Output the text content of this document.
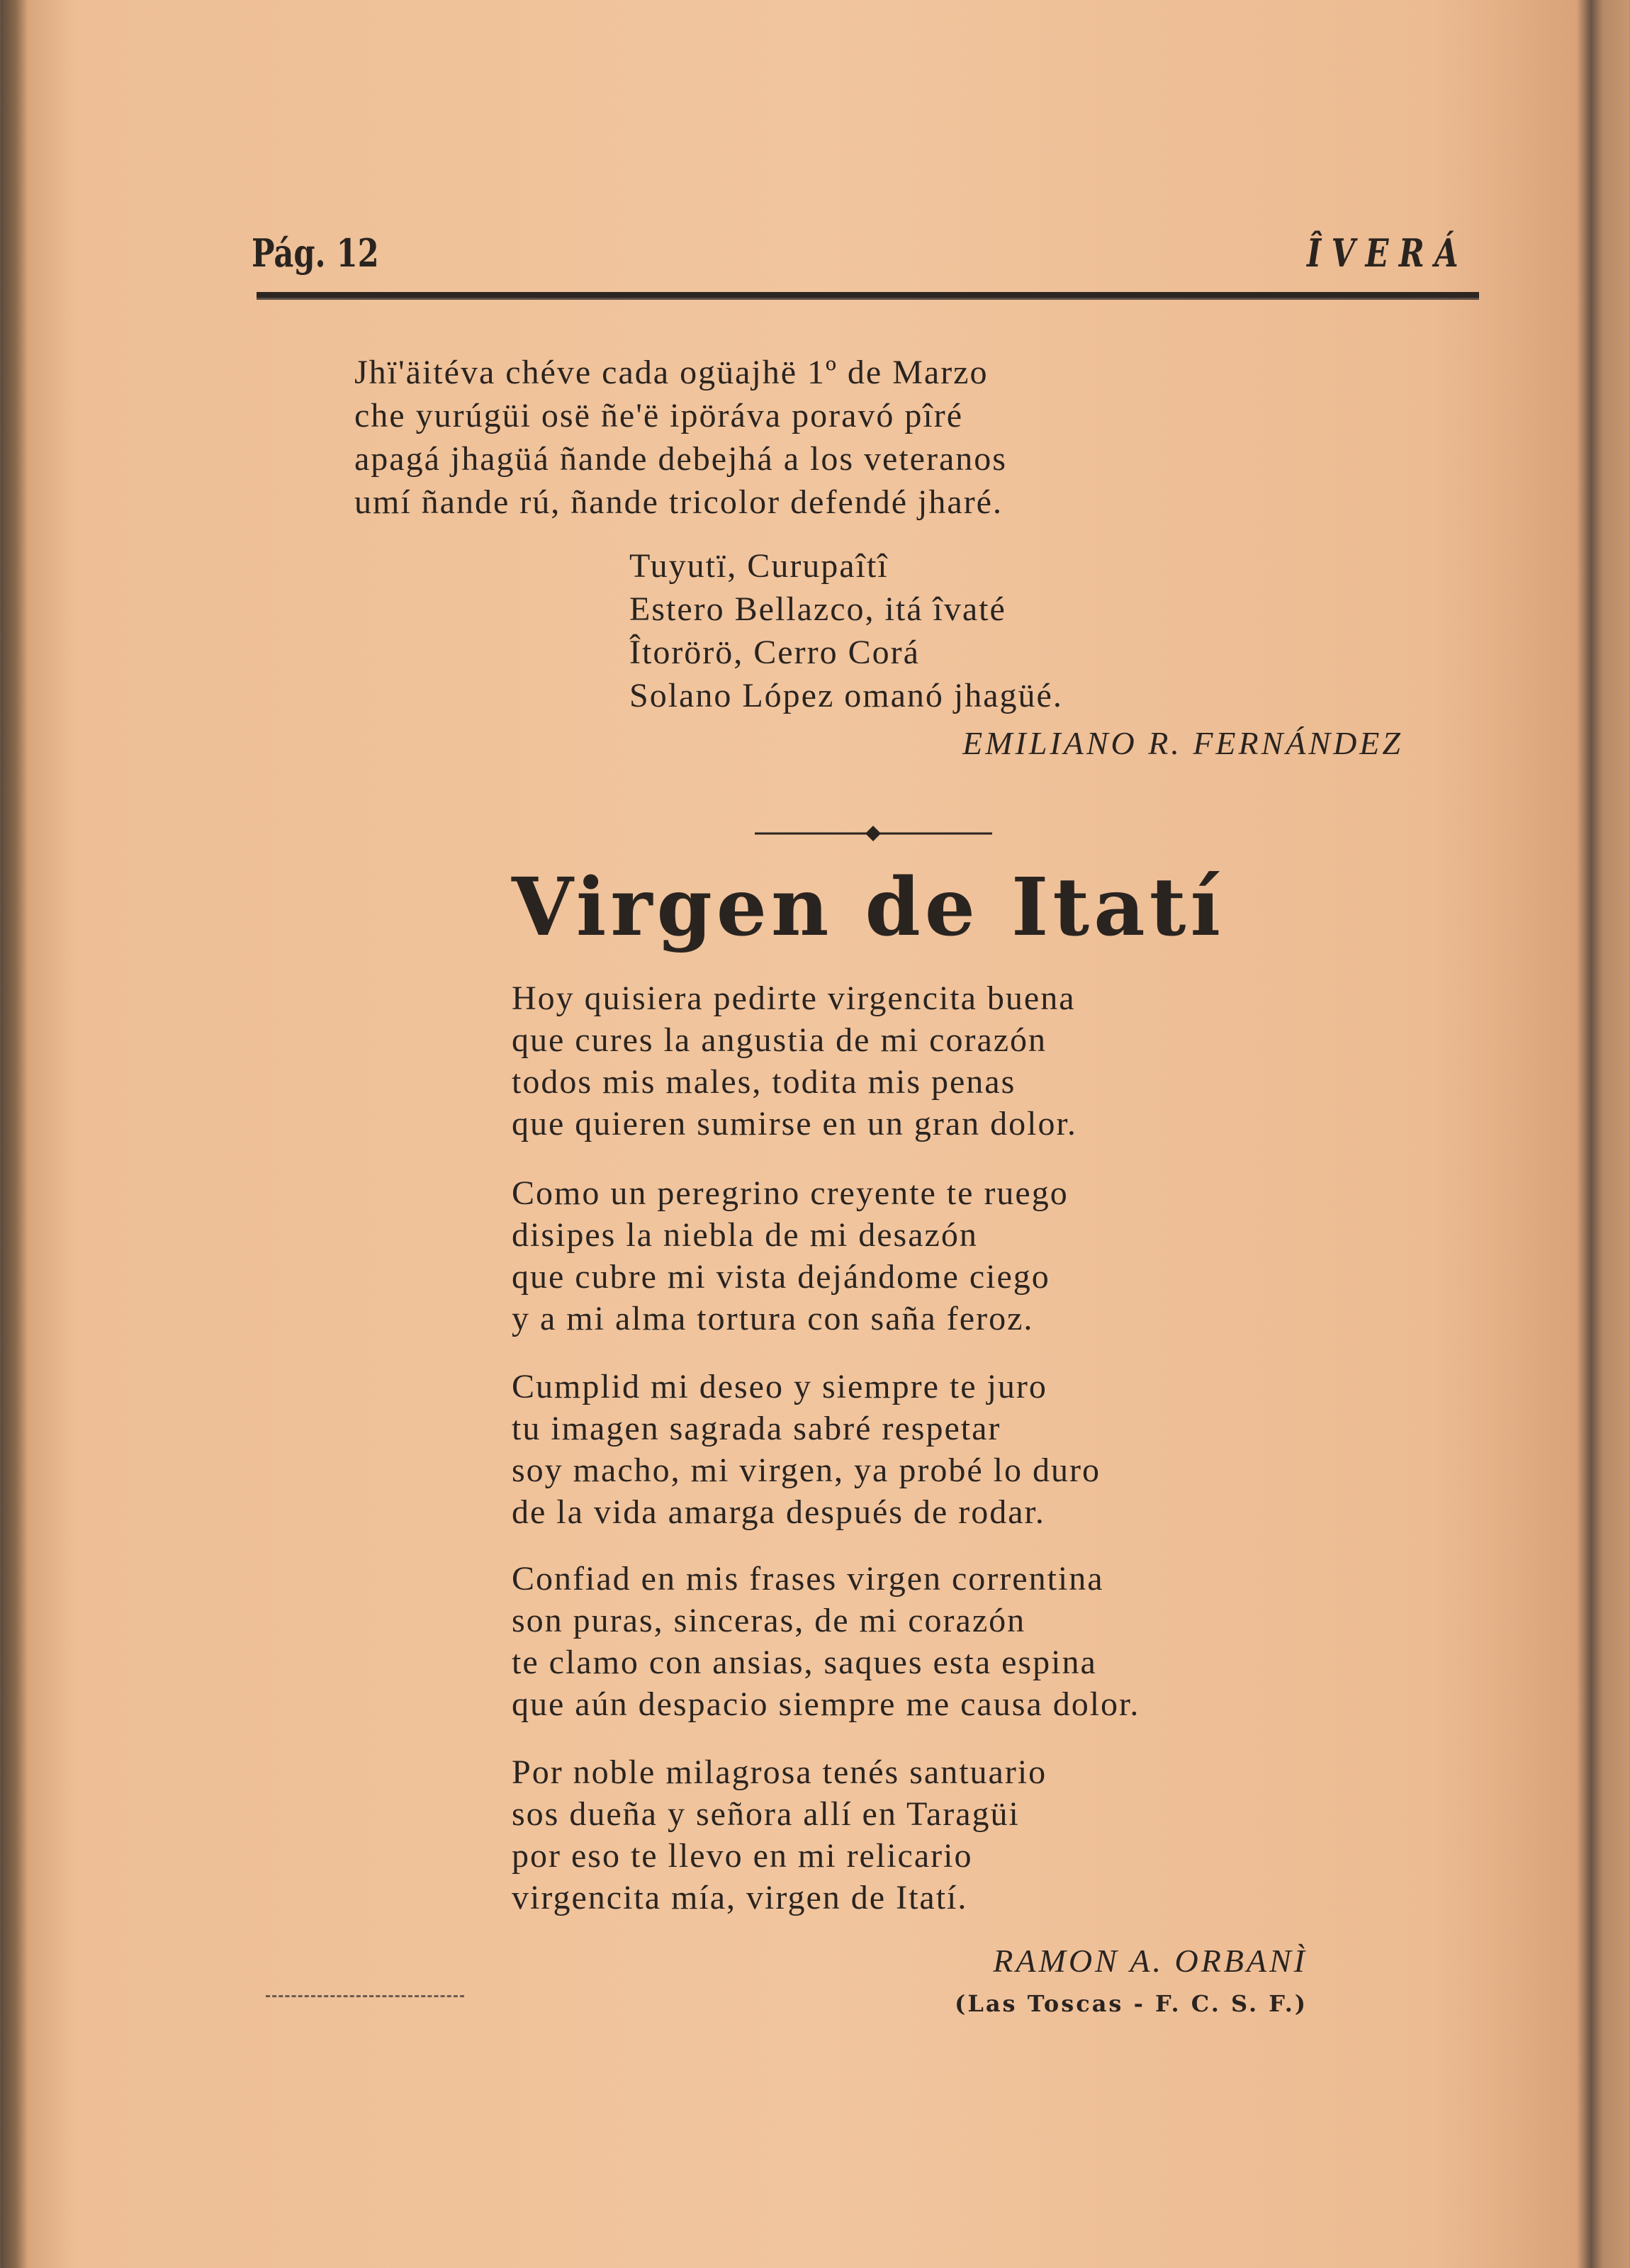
Pág. 12	ÎVERÁ
Jhï'äitéva chéve cada ogüajhë 1º de Marzo
che yurúgüi osë ñe'ë ipöráva poravó pîré
apagá jhagüá ñande debejhá a los veteranos
umí ñande rú, ñande tricolor defendé jharé.
Tuyutï, Curupaîtî
Estero Bellazco, itá îvaté
Îtorörö, Cerro Corá
Solano López omanó jhagüé.
EMILIANO R. FERNÁNDEZ
Virgen de Itatí
Hoy quisiera pedirte virgencita buena
que cures la angustia de mi corazón
todos mis males, todita mis penas
que quieren sumirse en un gran dolor.
Como un peregrino creyente te ruego
disipes la niebla de mi desazón
que cubre mi vista dejándome ciego
y a mi alma tortura con saña feroz.
Cumplid mi deseo y siempre te juro
tu imagen sagrada sabré respetar
soy macho, mi virgen, ya probé lo duro
de la vida amarga después de rodar.
Confiad en mis frases virgen correntina
son puras, sinceras, de mi corazón
te clamo con ansias, saques esta espina
que aún despacio siempre me causa dolor.
Por noble milagrosa tenés santuario
sos dueña y señora allí en Taragüi
por eso te llevo en mi relicario
virgencita mía, virgen de Itatí.
RAMON A. ORBANÌ
(Las Toscas - F. C. S. F.)
